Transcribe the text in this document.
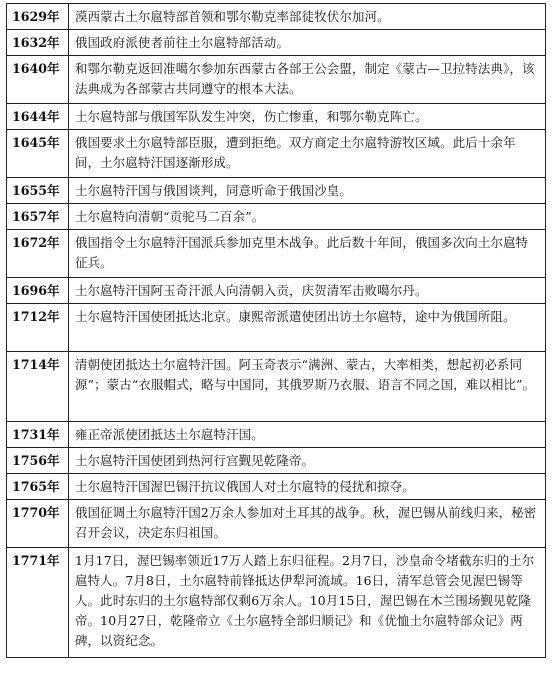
1629年	漠西蒙古土尔扈特部首领和鄂尔勒克率部徒牧伏尔加河。
1632年	俄国政府派使者前往土尔扈特部活动。
1640年	和鄂尔勒克返回准噶尔参加东西蒙古各部王公会盟，制定《蒙古—卫拉特法典》，该法典成为各部蒙古共同遵守的根本大法。
1644年	土尔扈特部与俄国军队发生冲突，伤亡惨重，和鄂尔勒克阵亡。
1645年	俄国要求土尔扈特部臣服，遭到拒绝。双方商定土尔扈特游牧区域。此后十余年间，土尔扈特汗国逐渐形成。
1655年	土尔扈特汗国与俄国谈判，同意听命于俄国沙皇。
1657年	土尔扈特向清朝“贡驼马二百余”。
1672年	俄国指令土尔扈特汗国派兵参加克里木战争。此后数十年间，俄国多次向土尔扈特征兵。
1696年	土尔扈特汗国阿玉奇汗派人向清朝入贡，庆贺清军击败噶尔丹。
1712年	土尔扈特汗国使团抵达北京。康熙帝派遣使团出访土尔扈特，途中为俄国所阻。
1714年	清朝使团抵达土尔扈特汗国。阿玉奇表示“满洲、蒙古，大率相类，想起初必系同源”；蒙古“衣服帽式，略与中国同，其俄罗斯乃衣服、语言不同之国，难以相比”。
1731年	雍正帝派使团抵达土尔扈特汗国。
1756年	土尔扈特汗国使团到热河行宫觐见乾隆帝。
1765年	土尔扈特汗国渥巴锡汗抗议俄国人对土尔扈特的侵扰和掠夺。
1770年	俄国征调土尔扈特汗国2万余人参加对土耳其的战争。秋，渥巴锡从前线归来，秘密召开会议，决定东归祖国。
1771年	1月17日，渥巴锡率领近17万人踏上东归征程。2月7日，沙皇命令堵截东归的土尔扈特人。7月8日，土尔扈特前锋抵达伊犁河流域。16日，清军总管会见渥巴锡等人。此时东归的土尔扈特部仅剩6万余人。10月15日，渥巴锡在木兰围场觐见乾隆帝。10月27日，乾隆帝立《土尔扈特全部归顺记》和《优恤土尔扈特部众记》两碑，以资纪念。
